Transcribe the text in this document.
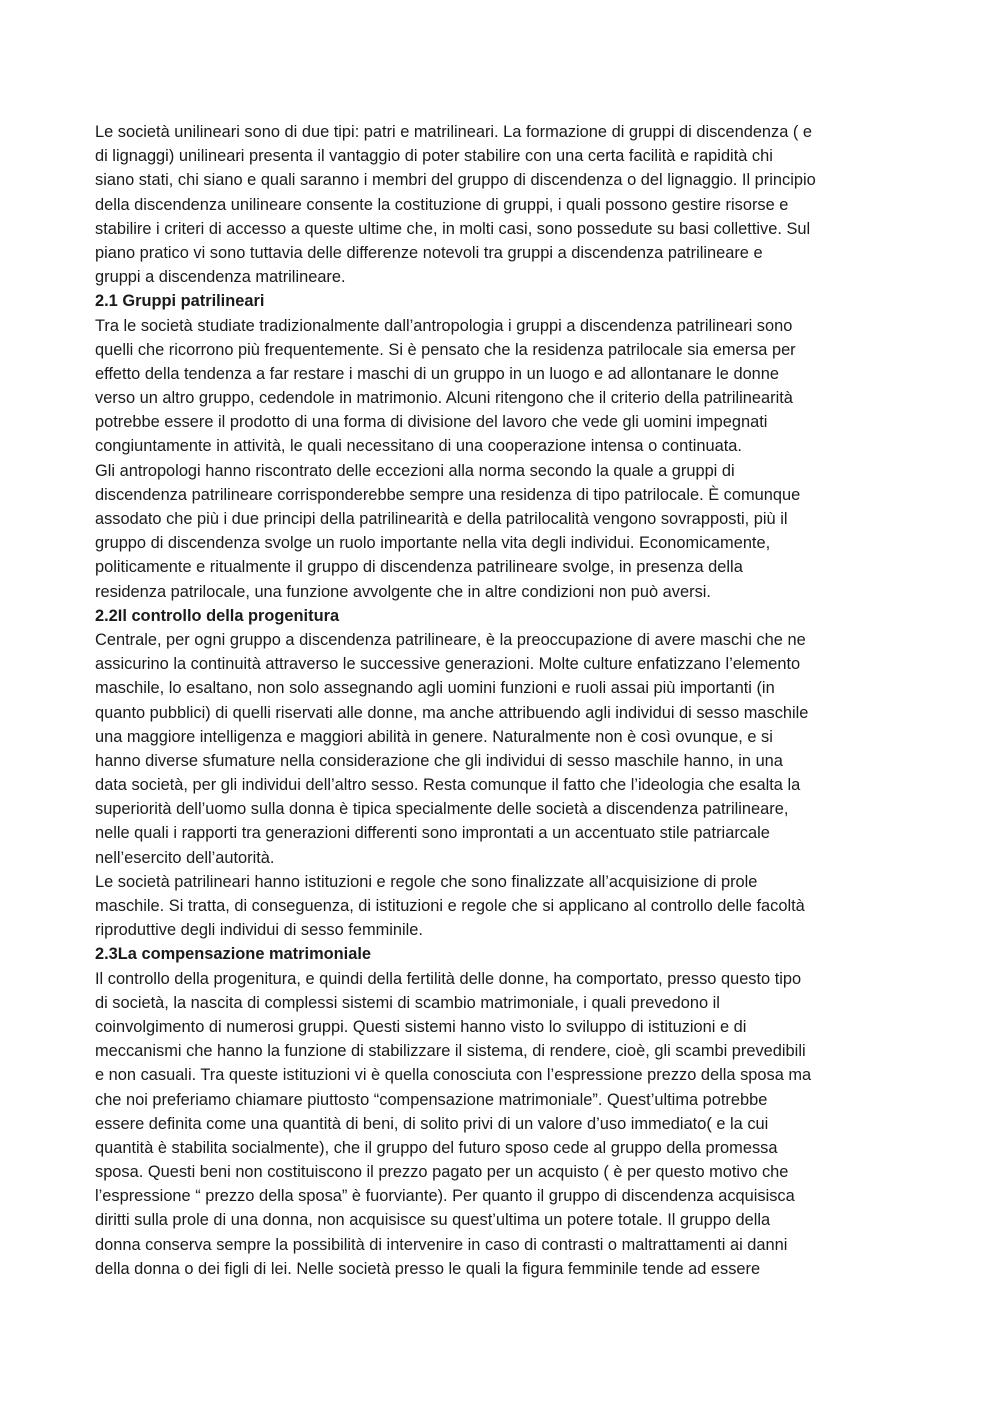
Le società unilineari sono di due tipi: patri e matrilineari. La formazione di gruppi di discendenza ( e
di lignaggi) unilineari presenta il vantaggio di poter stabilire con una certa facilità e rapidità chi
siano stati, chi siano e quali saranno i membri del gruppo di discendenza o del lignaggio. Il principio
della discendenza unilineare consente la costituzione di gruppi, i quali possono gestire risorse e
stabilire i criteri di accesso a queste ultime che, in molti casi, sono possedute su basi collettive. Sul
piano pratico vi sono tuttavia delle differenze notevoli tra gruppi a discendenza patrilineare e
gruppi a discendenza matrilineare.
2.1 Gruppi patrilineari
Tra le società studiate tradizionalmente dall’antropologia i gruppi a discendenza patrilineari sono
quelli che ricorrono più frequentemente. Si è pensato che la residenza patrilocale sia emersa per
effetto della tendenza a far restare i maschi di un gruppo in un luogo e ad allontanare le donne
verso un altro gruppo, cedendole in matrimonio. Alcuni ritengono che il criterio della patrilinearità
potrebbe essere il prodotto di una forma di divisione del lavoro che vede gli uomini impegnati
congiuntamente in attività, le quali necessitano di una cooperazione intensa o continuata.
Gli antropologi hanno riscontrato delle eccezioni alla norma secondo la quale a gruppi di
discendenza patrilineare corrisponderebbe sempre una residenza di tipo patrilocale. È comunque
assodato che più i due principi della patrilinearità e della patrilocalità vengono sovrapposti, più il
gruppo di discendenza svolge un ruolo importante nella vita degli individui. Economicamente,
politicamente e ritualmente il gruppo di discendenza patrilineare svolge, in presenza della
residenza patrilocale, una funzione avvolgente che in altre condizioni non può aversi.
2.2Il controllo della progenitura
Centrale, per ogni gruppo a discendenza patrilineare, è la preoccupazione di avere maschi che ne
assicurino la continuità attraverso le successive generazioni. Molte culture enfatizzano l’elemento
maschile, lo esaltano, non solo assegnando agli uomini funzioni e ruoli assai più importanti (in
quanto pubblici) di quelli riservati alle donne, ma anche attribuendo agli individui di sesso maschile
una maggiore intelligenza e maggiori abilità in genere. Naturalmente non è così ovunque, e si
hanno diverse sfumature nella considerazione che gli individui di sesso maschile hanno, in una
data società, per gli individui dell’altro sesso. Resta comunque il fatto che l’ideologia che esalta la
superiorità dell’uomo sulla donna è tipica specialmente delle società a discendenza patrilineare,
nelle quali i rapporti tra generazioni differenti sono improntati a un accentuato stile patriarcale
nell’esercito dell’autorità.
Le società patrilineari hanno istituzioni e regole che sono finalizzate all’acquisizione di prole
maschile. Si tratta, di conseguenza, di istituzioni e regole che si applicano al controllo delle facoltà
riproduttive degli individui di sesso femminile.
2.3La compensazione matrimoniale
Il controllo della progenitura, e quindi della fertilità delle donne, ha comportato, presso questo tipo
di società, la nascita di complessi sistemi di scambio matrimoniale, i quali prevedono il
coinvolgimento di numerosi gruppi. Questi sistemi hanno visto lo sviluppo di istituzioni e di
meccanismi che hanno la funzione di stabilizzare il sistema, di rendere, cioè, gli scambi prevedibili
e non casuali. Tra queste istituzioni vi è quella conosciuta con l’espressione prezzo della sposa ma
che noi preferiamo chiamare piuttosto “compensazione matrimoniale”. Quest’ultima potrebbe
essere definita come una quantità di beni, di solito privi di un valore d’uso immediato( e la cui
quantità è stabilita socialmente), che il gruppo del futuro sposo cede al gruppo della promessa
sposa. Questi beni non costituiscono il prezzo pagato per un acquisto ( è per questo motivo che
l’espressione “ prezzo della sposa” è fuorviante). Per quanto il gruppo di discendenza acquisisca
diritti sulla prole di una donna, non acquisisce su quest’ultima un potere totale. Il gruppo della
donna conserva sempre la possibilità di intervenire in caso di contrasti o maltrattamenti ai danni
della donna o dei figli di lei. Nelle società presso le quali la figura femminile tende ad essere
